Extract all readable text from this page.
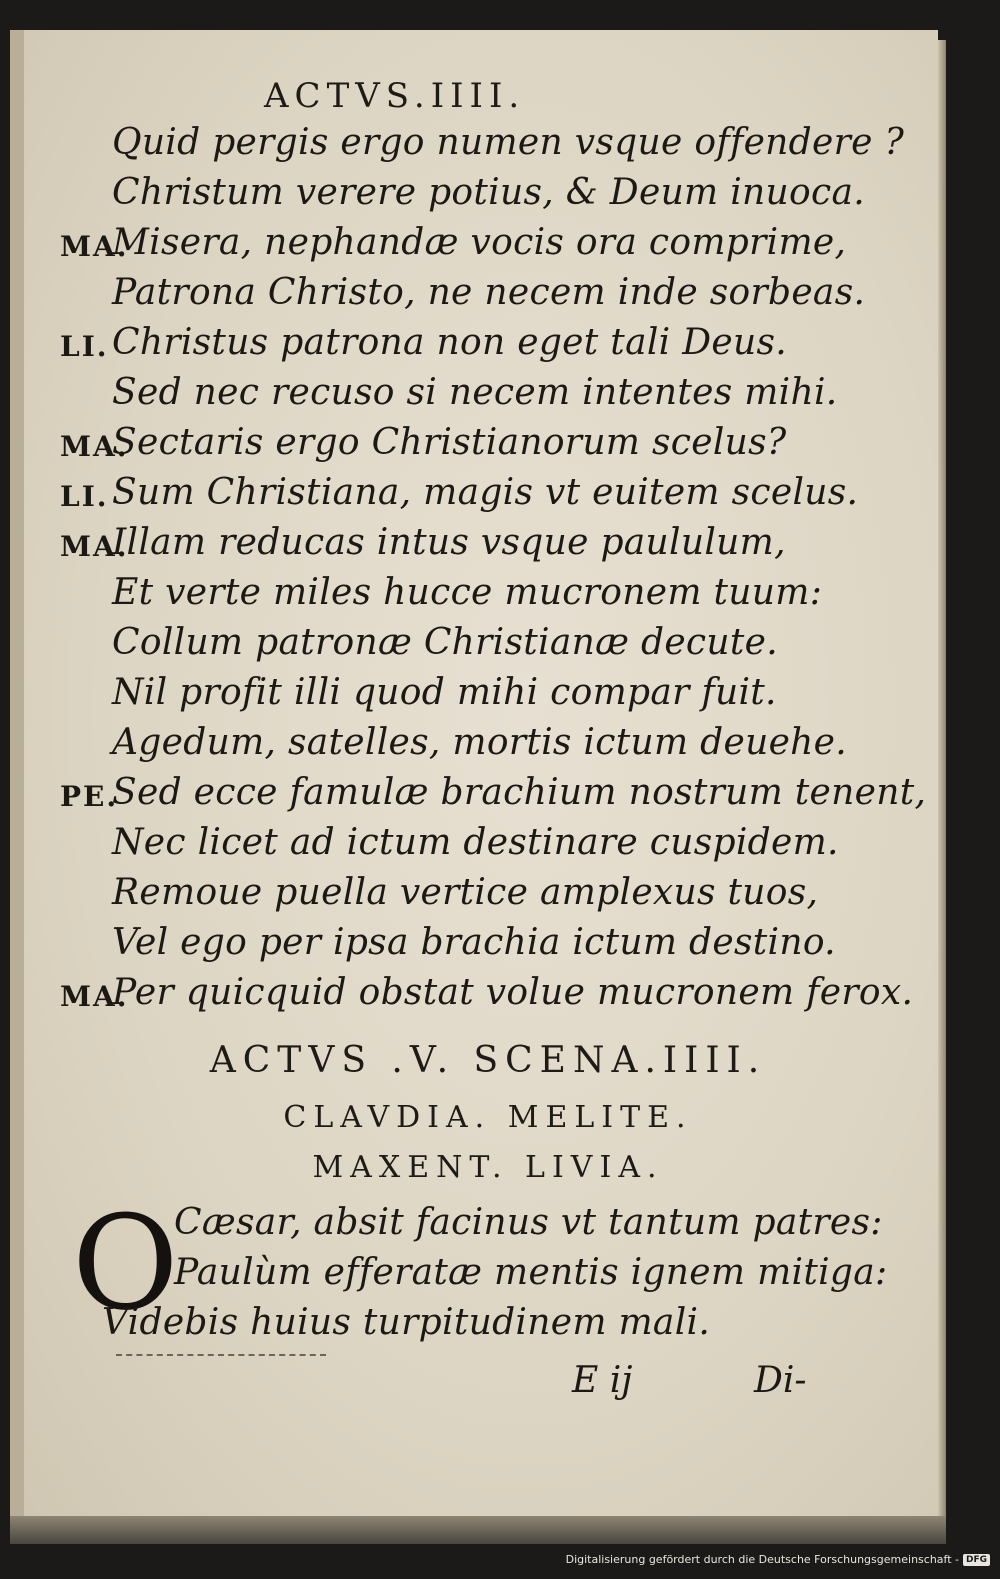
ACTVS.IIII.
Quid pergis ergo numen vsque offendere ?
Christum verere potius, & Deum inuoca.
MA.
Misera, nephandæ vocis ora comprime,
Patrona Christo, ne necem inde sorbeas.
LI. Christus patrona non eget tali Deus.
Sed nec recuso si necem intentes mihi.
MA.
Sectaris ergo Christianorum scelus?
LI. Sum Christiana, magis vt euitem scelus.
MA.
Illam reducas intus vsque paululum,
Et verte miles hucce mucronem tuum:
Collum patronæ Christianæ decute.
Nil profit illi quod mihi compar fuit.
Agedum, satelles, mortis ictum deuehe.
PE.
Sed ecce famulæ brachium nostrum tenent,
Nec licet ad ictum destinare cuspidem.
Remoue puella vertice amplexus tuos,
Vel ego per ipsa brachia ictum destino.
MA.
Per quicquid obstat volue mucronem ferox.
ACTVS .V. SCENA.IIII.
CLAVDIA. MELITE.
MAXENT. LIVIA.
O
Cæsar, absit facinus vt tantum patres:
Paulùm efferatæ mentis ignem mitiga:
Videbis huius turpitudinem mali.
E ij	Di-
Digitalisierung gefördert durch die Deutsche Forschungsgemeinschaft - DFG
